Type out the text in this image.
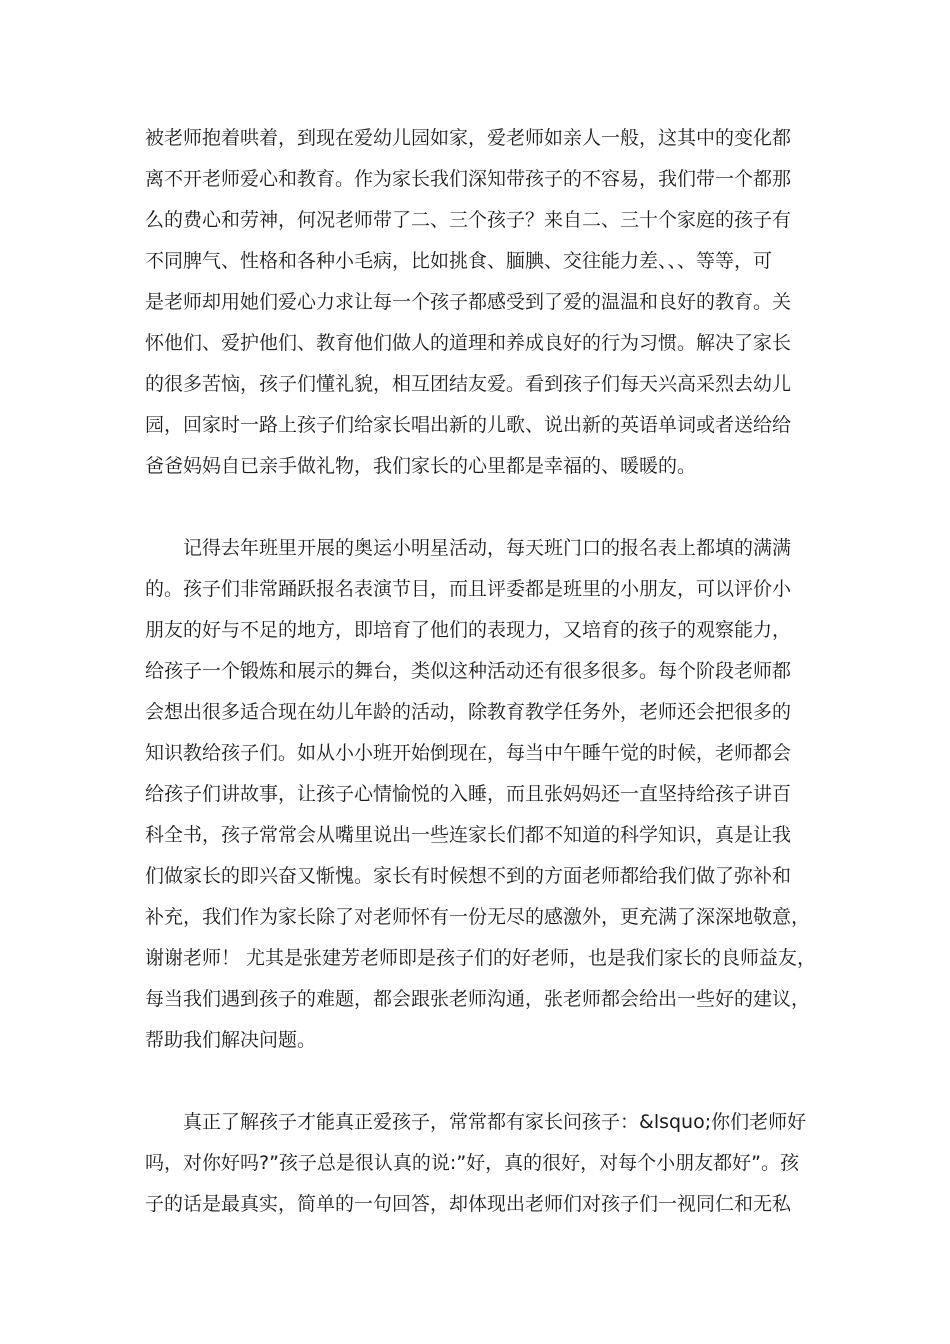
被老师抱着哄着，到现在爱幼儿园如家，爱老师如亲人一般，这其中的变化都

离不开老师爱心和教育。作为家长我们深知带孩子的不容易，我们带一个都那

么的费心和劳神，何况老师带了二、三个孩子？来自二、三十个家庭的孩子有

不同脾气、性格和各种小毛病，比如挑食、腼腆、交往能力差、、、等等，可

是老师却用她们爱心力求让每一个孩子都感受到了爱的温温和良好的教育。关

怀他们、爱护他们、教育他们做人的道理和养成良好的行为习惯。解决了家长

的很多苦恼，孩子们懂礼貌，相互团结友爱。看到孩子们每天兴高采烈去幼儿

园，回家时一路上孩子们给家长唱出新的儿歌、说出新的英语单词或者送给给

爸爸妈妈自已亲手做礼物，我们家长的心里都是幸福的、暖暖的。

记得去年班里开展的奥运小明星活动，每天班门口的报名表上都填的满满

的。孩子们非常踊跃报名表演节目，而且评委都是班里的小朋友，可以评价小

朋友的好与不足的地方，即培育了他们的表现力，又培育的孩子的观察能力，

给孩子一个锻炼和展示的舞台，类似这种活动还有很多很多。每个阶段老师都

会想出很多适合现在幼儿年龄的活动，除教育教学任务外，老师还会把很多的

知识教给孩子们。如从小小班开始倒现在，每当中午睡午觉的时候，老师都会

给孩子们讲故事，让孩子心情愉悦的入睡，而且张妈妈还一直坚持给孩子讲百

科全书，孩子常常会从嘴里说出一些连家长们都不知道的科学知识，真是让我

们做家长的即兴奋又惭愧。家长有时候想不到的方面老师都给我们做了弥补和

补充，我们作为家长除了对老师怀有一份无尽的感激外，更充满了深深地敬意，

谢谢老师！ 尤其是张建芳老师即是孩子们的好老师，也是我们家长的良师益友，

每当我们遇到孩子的难题，都会跟张老师沟通，张老师都会给出一些好的建议，

帮助我们解决问题。

真正了解孩子才能真正爱孩子，常常都有家长问孩子：&lsquo;你们老师好

吗，对你好吗?”孩子总是很认真的说:”好，真的很好，对每个小朋友都好”。孩

子的话是最真实，简单的一句回答，却体现出老师们对孩子们一视同仁和无私
